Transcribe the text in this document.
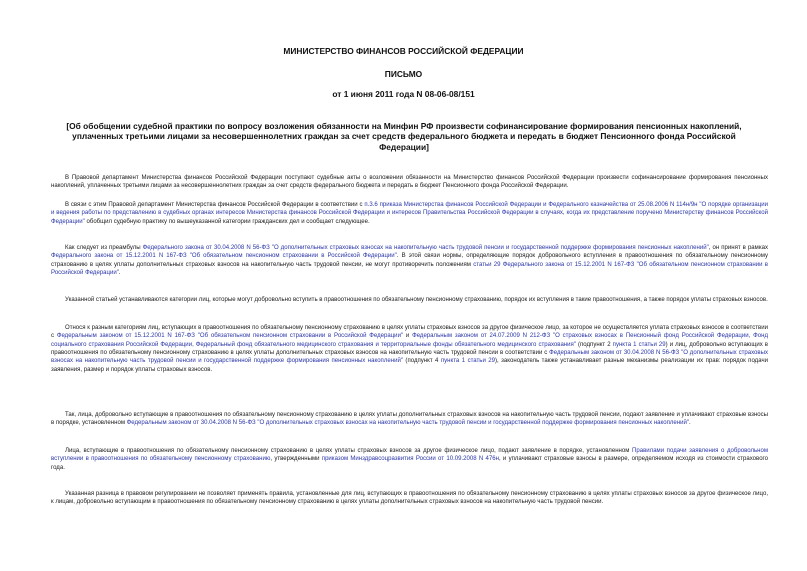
МИНИСТЕРСТВО ФИНАНСОВ РОССИЙСКОЙ ФЕДЕРАЦИИ
ПИСЬМО
от 1 июня 2011 года N 08-06-08/151
[Об обобщении судебной практики по вопросу возложения обязанности на Минфин РФ произвести софинансирование формирования пенсионных накоплений, уплаченных третьими лицами за несовершеннолетних граждан за счет средств федерального бюджета и передать в бюджет Пенсионного фонда Российской Федерации]

В Правовой департамент Министерства финансов Российской Федерации поступают судебные акты о возложении обязанности на Министерство финансов Российской Федерации произвести софинансирование формирования пенсионных накоплений, уплаченных третьими лицами за несовершеннолетних граждан за счет средств федерального бюджета и передать в бюджет Пенсионного фонда Российской Федерации.

В связи с этим Правовой департамент Министерства финансов Российской Федерации в соответствии с п.3.6 приказа Министерства финансов Российской Федерации и Федерального казначейства от 25.08.2006 N 114н/9н "О порядке организации и ведения работы по представлению в судебных органах интересов Министерства финансов Российской Федерации и интересов Правительства Российской Федерации в случаях, когда их представление поручено Министерству финансов Российской Федерации" обобщил судебную практику по вышеуказанной категории гражданских дел и сообщает следующее.

Как следует из преамбулы Федерального закона от 30.04.2008 N 56-ФЗ "О дополнительных страховых взносах на накопительную часть трудовой пенсии и государственной поддержке формирования пенсионных накоплений", он принят в рамках Федерального закона от 15.12.2001 N 167-ФЗ "Об обязательном пенсионном страховании в Российской Федерации". В этой связи нормы, определяющие порядок добровольного вступления в правоотношения по обязательному пенсионному страхованию в целях уплаты дополнительных страховых взносов на накопительную часть трудовой пенсии, не могут противоречить положениям статьи 29 Федерального закона от 15.12.2001 N 167-ФЗ "Об обязательном пенсионном страховании в Российской Федерации".

Указанной статьей устанавливаются категории лиц, которые могут добровольно вступить в правоотношения по обязательному пенсионному страхованию, порядок их вступления в такие правоотношения, а также порядок уплаты страховых взносов.

Относя к разным категориям лиц, вступающих в правоотношения по обязательному пенсионному страхованию в целях уплаты страховых взносов за другое физическое лицо, за которое не осуществляется уплата страховых взносов в соответствии с Федеральным законом от 15.12.2001 N 167-ФЗ "Об обязательном пенсионном страховании в Российской Федерации" и Федеральным законом от 24.07.2009 N 212-ФЗ "О страховых взносах в Пенсионный фонд Российской Федерации, Фонд социального страхования Российской Федерации, Федеральный фонд обязательного медицинского страхования и территориальные фонды обязательного медицинского страхования" (подпункт 2 пункта 1 статьи 29) и лиц, добровольно вступающих в правоотношения по обязательному пенсионному страхованию в целях уплаты дополнительных страховых взносов на накопительную часть трудовой пенсии в соответствии с Федеральным законом от 30.04.2008 N 56-ФЗ "О дополнительных страховых взносах на накопительную часть трудовой пенсии и государственной поддержке формирования пенсионных накоплений" (подпункт 4 пункта 1 статьи 29), законодатель также устанавливает разные механизмы реализации их прав: порядок подачи заявления, размер и порядок уплаты страховых взносов.

Так, лица, добровольно вступающие в правоотношения по обязательному пенсионному страхованию в целях уплаты дополнительных страховых взносов на накопительную часть трудовой пенсии, подают заявление и уплачивают страховые взносы в порядке, установленном Федеральным законом от 30.04.2008 N 56-ФЗ "О дополнительных страховых взносах на накопительную часть трудовой пенсии и государственной поддержке формирования пенсионных накоплений".

Лица, вступающие в правоотношения по обязательному пенсионному страхованию в целях уплаты страховых взносов за другое физическое лицо, подают заявление в порядке, установленном Правилами подачи заявления о добровольном вступлении в правоотношения по обязательному пенсионному страхованию, утвержденными приказом Минздравсоцразвития России от 10.09.2008 N 476н, и уплачивают страховые взносы в размере, определяемом исходя из стоимости страхового года.

Указанная разница в правовом регулировании не позволяет применять правила, установленные для лиц, вступающих в правоотношения по обязательному пенсионному страхованию в целях уплаты страховых взносов за другое физическое лицо, к лицам, добровольно вступающим в правоотношения по обязательному пенсионному страхованию в целях уплаты дополнительных страховых взносов на накопительную часть трудовой пенсии.
